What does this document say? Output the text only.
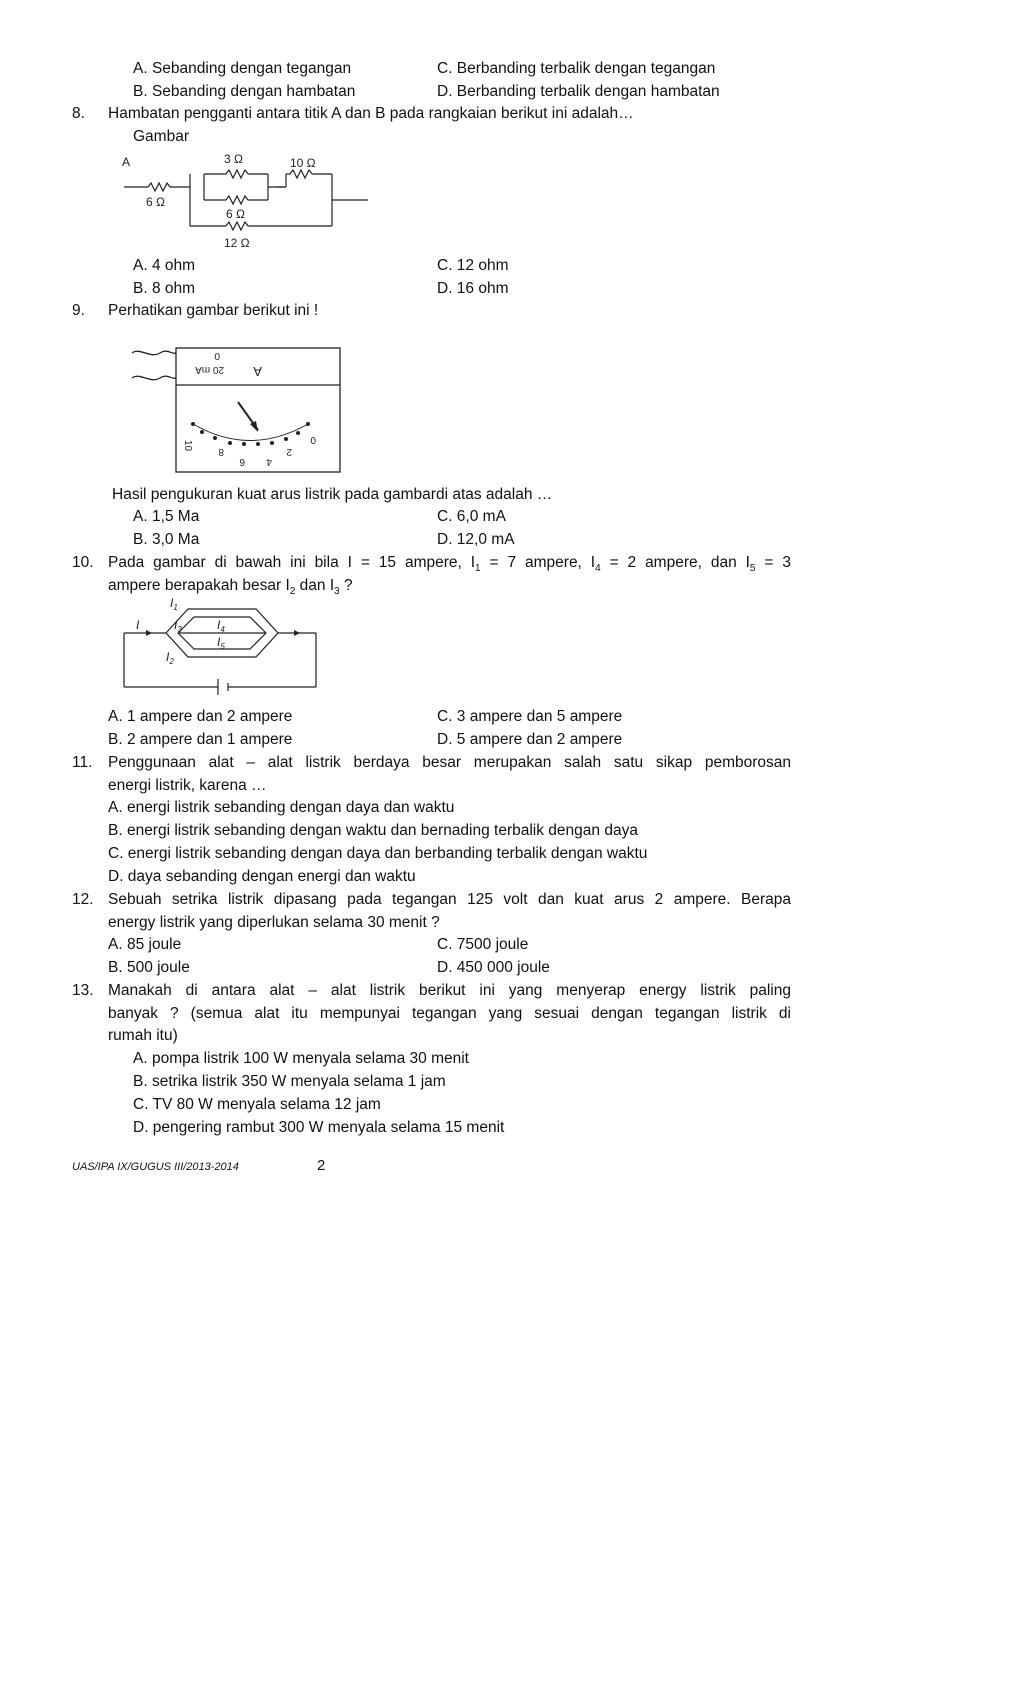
A. Sebanding dengan tegangan	C. Berbanding terbalik dengan tegangan
B. Sebanding dengan hambatan	D. Berbanding terbalik dengan hambatan
8. Hambatan pengganti antara titik A dan B pada rangkaian berikut ini adalah…
Gambar
A
6 Ω
3 Ω
6 Ω
10 Ω
12 Ω
A. 4 ohm	C. 12 ohm
B. 8 ohm	D. 16 ohm
9. Perhatikan gambar berikut ini !
0
20 mA A
10
8
6 4
2
0
Hasil pengukuran kuat arus listrik pada gambardi atas adalah …
A. 1,5 Ma	C. 6,0 mA
B. 3,0 Ma	D. 12,0 mA
10. Pada gambar di bawah ini bila I = 15 ampere, $I_1 = 7$ ampere, $I_4 = 2$ ampere, dan $I_5 = 3$
ampere berapakah besar $I_2$ dan $I_3$ ?
I
$I_1$
$I_2$
$I_3$	$I_4$
$I_5$
A. 1 ampere dan 2 ampere	C. 3 ampere dan 5 ampere
B. 2 ampere dan 1 ampere	D. 5 ampere dan 2 ampere
11. Penggunaan alat – alat listrik berdaya besar merupakan salah satu sikap pemborosan
energi listrik, karena …
A. energi listrik sebanding dengan daya dan waktu
B. energi listrik sebanding dengan waktu dan bernading terbalik dengan daya
C. energi listrik sebanding dengan daya dan berbanding terbalik dengan waktu
D. daya sebanding dengan energi dan waktu
12. Sebuah setrika listrik dipasang pada tegangan 125 volt dan kuat arus 2 ampere. Berapa
energy listrik yang diperlukan selama 30 menit ?
A. 85 joule	C. 7500 joule
B. 500 joule	D. 450 000 joule
13. Manakah di antara alat – alat listrik berikut ini yang menyerap energy listrik paling
banyak ? (semua alat itu mempunyai tegangan yang sesuai dengan tegangan listrik di
rumah itu)
A. pompa listrik 100 W menyala selama 30 menit
B. setrika listrik 350 W menyala selama 1 jam
C. TV 80 W menyala selama 12 jam
D. pengering rambut 300 W menyala selama 15 menit
UAS/IPA IX/GUGUS III/2013-2014	2
